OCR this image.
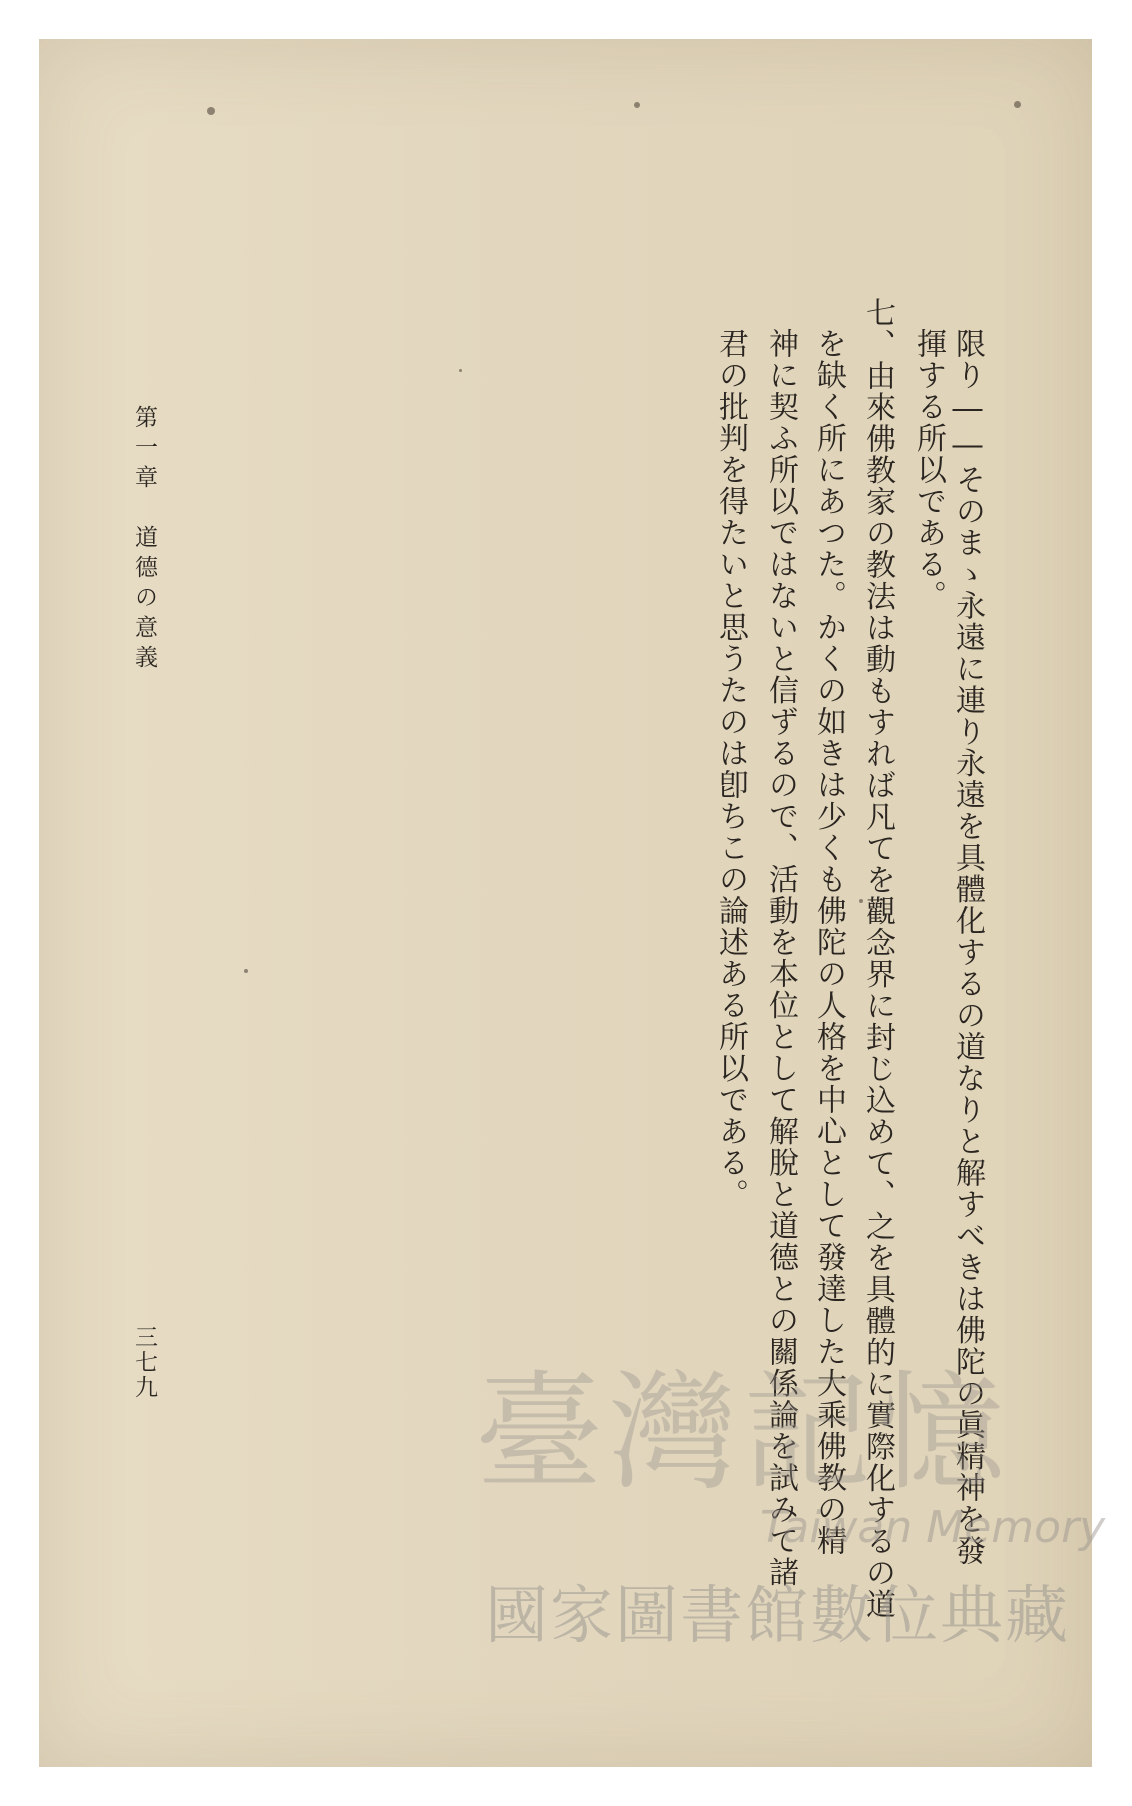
限り――そのまゝ永遠に連り永遠を具體化するの道なりと解すべきは佛陀の眞精神を發
揮する所以である。
七、由來佛教家の教法は動もすれば凡てを觀念界に封じ込めて、之を具體的に實際化するの道
を缺く所にあつた。かくの如きは少くも佛陀の人格を中心として發達した大乘佛教の精
神に契ふ所以ではないと信ずるので、活動を本位として解脫と道德との關係論を試みて諸
君の批判を得たいと思うたのは卽ちこの論述ある所以である。
第一章　道德の意義
三七九 臺灣記憶
Taiwan Memory
國家圖書館數位典藏
